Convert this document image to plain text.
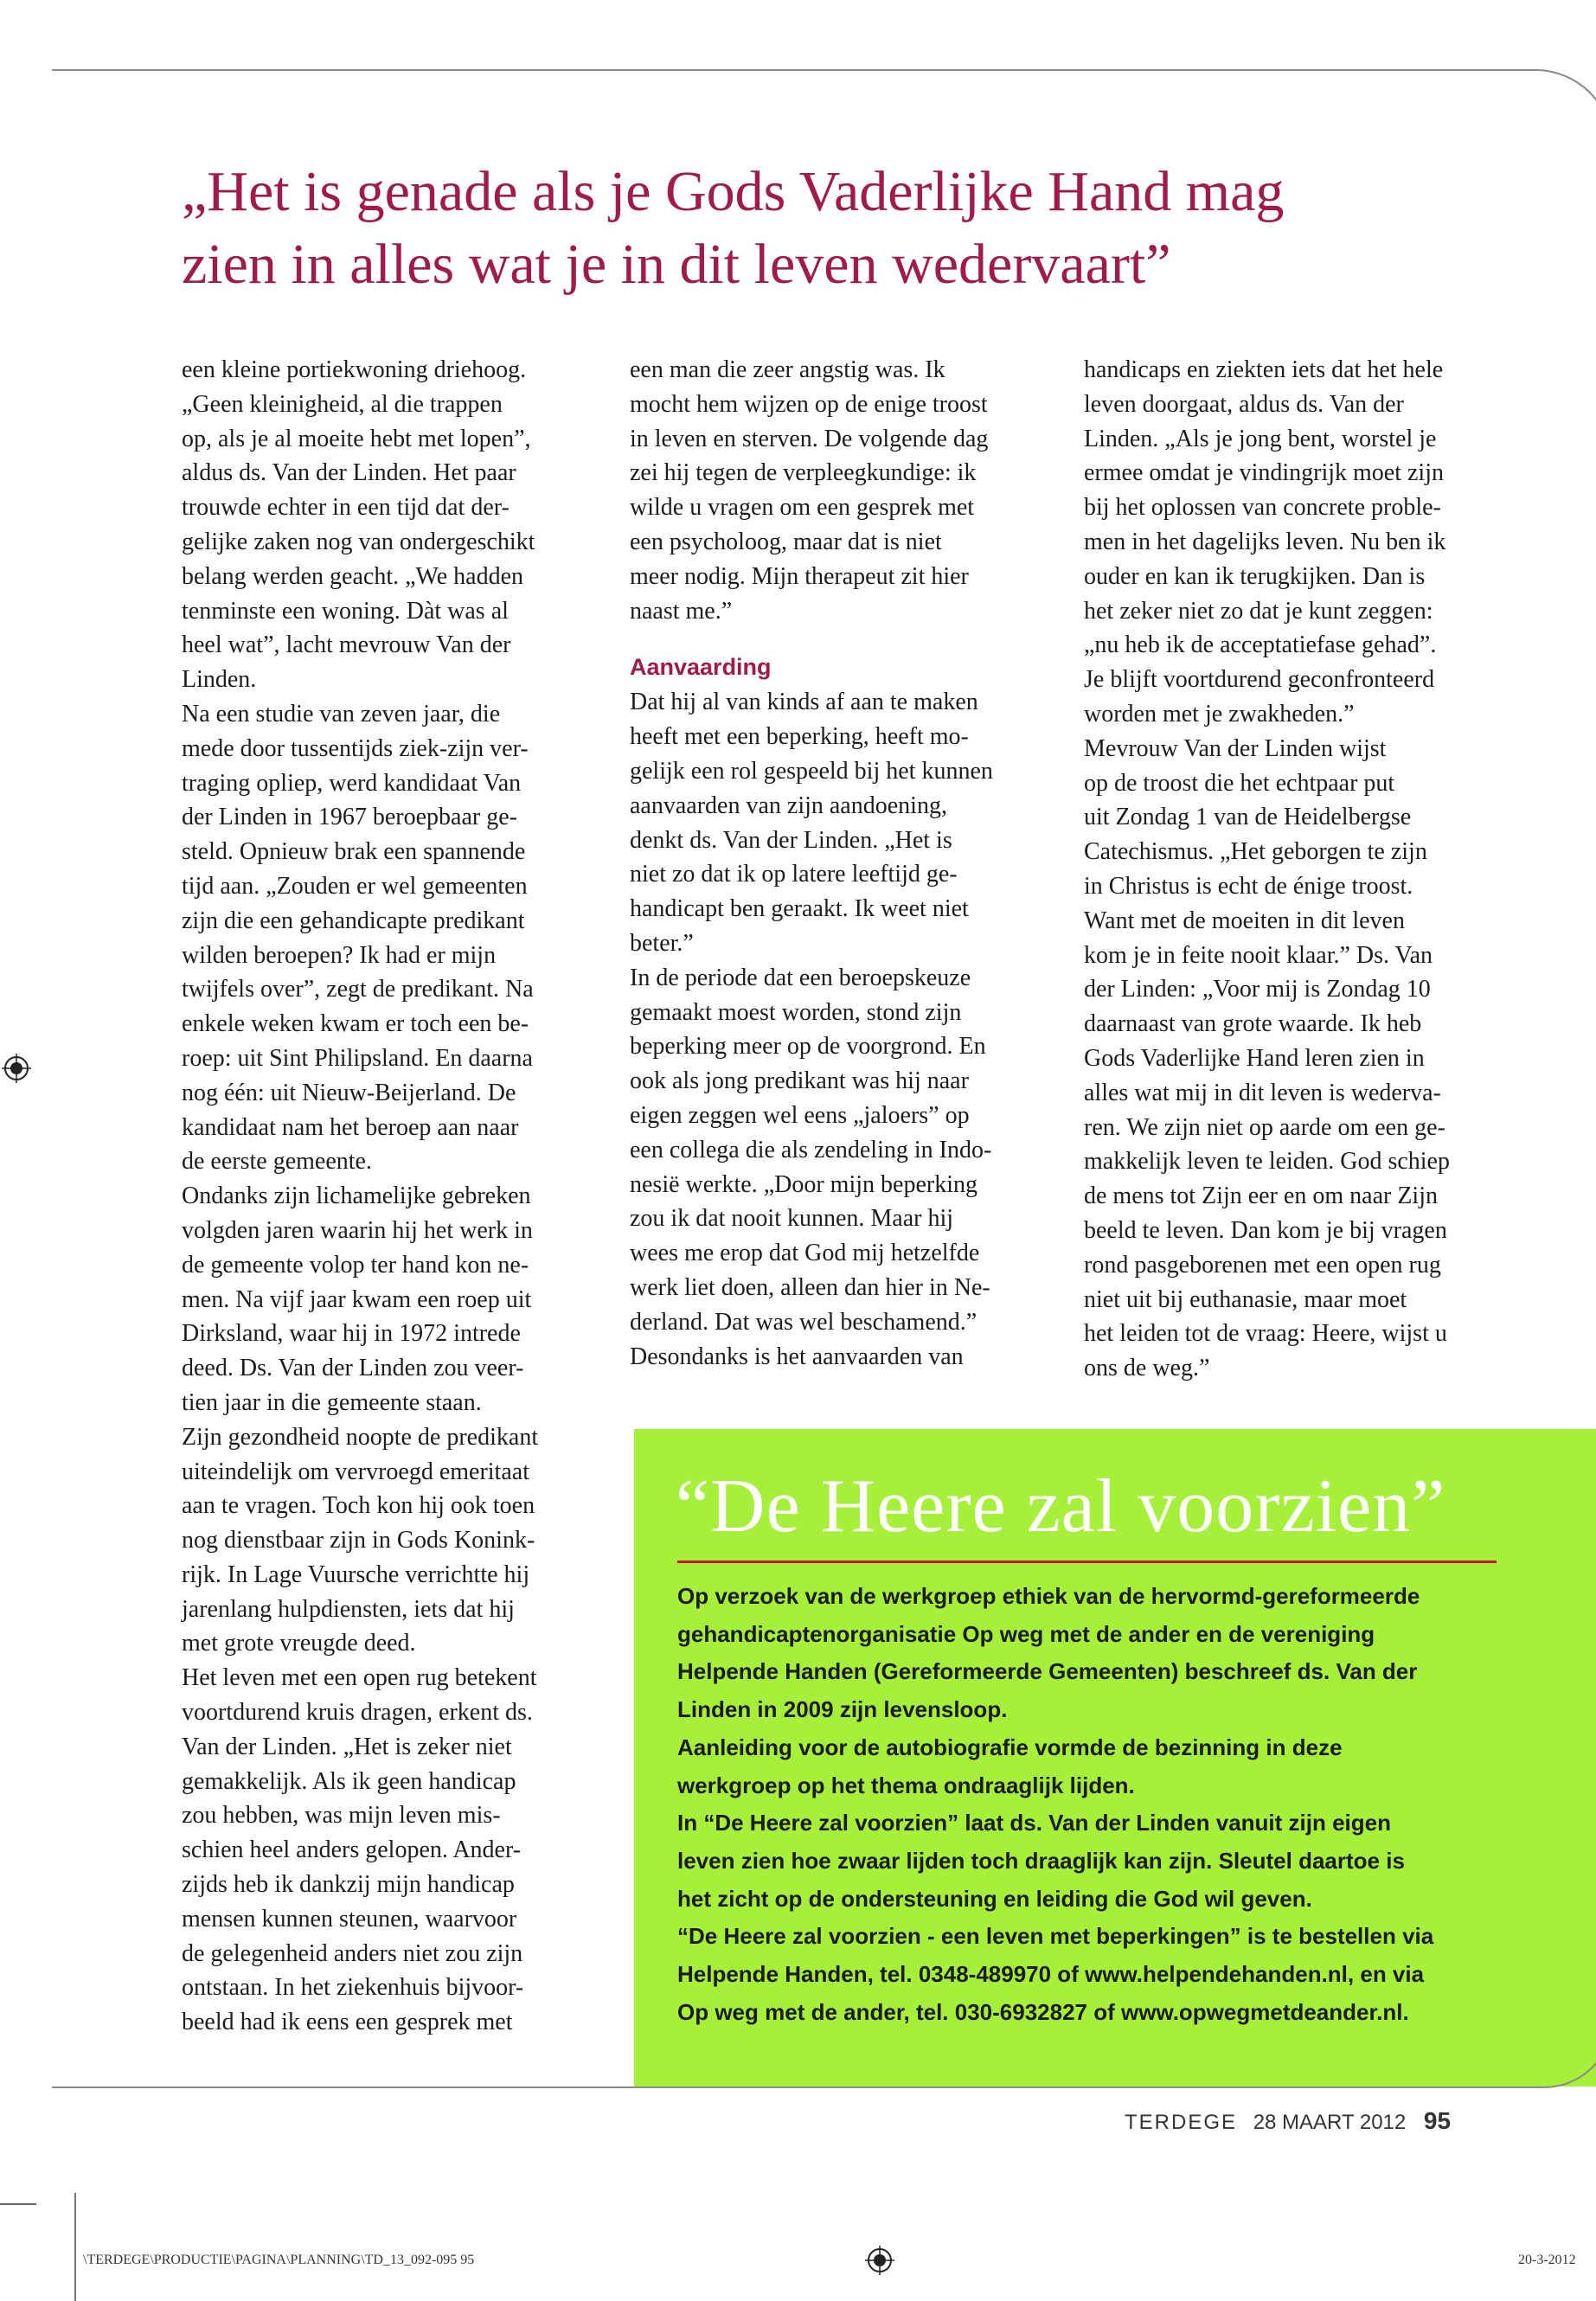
„Het is genade als je Gods Vaderlijke Hand mag
zien in alles wat je in dit leven wedervaart”

een kleine portiekwoning driehoog.
„Geen kleinigheid, al die trappen
op, als je al moeite hebt met lopen”,
aldus ds. Van der Linden. Het paar
trouwde echter in een tijd dat der-
gelijke zaken nog van ondergeschikt
belang werden geacht. „We hadden
tenminste een woning. Dàt was al
heel wat”, lacht mevrouw Van der
Linden.

Na een studie van zeven jaar, die
mede door tussentijds ziek-zijn ver-
traging opliep, werd kandidaat Van
der Linden in 1967 beroepbaar ge-
steld. Opnieuw brak een spannende
tijd aan. „Zouden er wel gemeenten
zijn die een gehandicapte predikant
wilden beroepen? Ik had er mijn
twijfels over”, zegt de predikant. Na
enkele weken kwam er toch een be-
roep: uit Sint Philipsland. En daarna
nog één: uit Nieuw-Beijerland. De
kandidaat nam het beroep aan naar
de eerste gemeente.

Ondanks zijn lichamelijke gebreken
volgden jaren waarin hij het werk in
de gemeente volop ter hand kon ne-
men. Na vijf jaar kwam een roep uit
Dirksland, waar hij in 1972 intrede
deed. Ds. Van der Linden zou veer-
tien jaar in die gemeente staan.
Zijn gezondheid noopte de predikant
uiteindelijk om vervroegd emeritaat
aan te vragen. Toch kon hij ook toen
nog dienstbaar zijn in Gods Konink-
rijk. In Lage Vuursche verrichtte hij
jarenlang hulpdiensten, iets dat hij
met grote vreugde deed.

Het leven met een open rug betekent
voortdurend kruis dragen, erkent ds.
Van der Linden. „Het is zeker niet
gemakkelijk. Als ik geen handicap
zou hebben, was mijn leven mis-
schien heel anders gelopen. Ander-
zijds heb ik dankzij mijn handicap
mensen kunnen steunen, waarvoor
de gelegenheid anders niet zou zijn
ontstaan. In het ziekenhuis bijvoor-
beeld had ik eens een gesprek met

een man die zeer angstig was. Ik
mocht hem wijzen op de enige troost
in leven en sterven. De volgende dag
zei hij tegen de verpleegkundige: ik
wilde u vragen om een gesprek met
een psycholoog, maar dat is niet
meer nodig. Mijn therapeut zit hier
naast me.”

Aanvaarding

Dat hij al van kinds af aan te maken
heeft met een beperking, heeft mo-
gelijk een rol gespeeld bij het kunnen
aanvaarden van zijn aandoening,
denkt ds. Van der Linden. „Het is
niet zo dat ik op latere leeftijd ge-
handicapt ben geraakt. Ik weet niet
beter.”

In de periode dat een beroepskeuze
gemaakt moest worden, stond zijn
beperking meer op de voorgrond. En
ook als jong predikant was hij naar
eigen zeggen wel eens „jaloers” op
een collega die als zendeling in Indo-
nesië werkte. „Door mijn beperking
zou ik dat nooit kunnen. Maar hij
wees me erop dat God mij hetzelfde
werk liet doen, alleen dan hier in Ne-
derland. Dat was wel beschamend.”
Desondanks is het aanvaarden van

handicaps en ziekten iets dat het hele
leven doorgaat, aldus ds. Van der
Linden. „Als je jong bent, worstel je
ermee omdat je vindingrijk moet zijn
bij het oplossen van concrete proble-
men in het dagelijks leven. Nu ben ik
ouder en kan ik terugkijken. Dan is
het zeker niet zo dat je kunt zeggen:
„nu heb ik de acceptatiefase gehad”.
Je blijft voortdurend geconfronteerd
worden met je zwakheden.”

Mevrouw Van der Linden wijst
op de troost die het echtpaar put
uit Zondag 1 van de Heidelbergse
Catechismus. „Het geborgen te zijn
in Christus is echt de énige troost.
Want met de moeiten in dit leven
kom je in feite nooit klaar.” Ds. Van
der Linden: „Voor mij is Zondag 10
daarnaast van grote waarde. Ik heb
Gods Vaderlijke Hand leren zien in
alles wat mij in dit leven is wederva-
ren. We zijn niet op aarde om een ge-
makkelijk leven te leiden. God schiep
de mens tot Zijn eer en om naar Zijn
beeld te leven. Dan kom je bij vragen
rond pasgeborenen met een open rug
niet uit bij euthanasie, maar moet
het leiden tot de vraag: Heere, wijst u
ons de weg.”

“De Heere zal voorzien”

Op verzoek van de werkgroep ethiek van de hervormd-gereformeerde
gehandicaptenorganisatie Op weg met de ander en de vereniging
Helpende Handen (Gereformeerde Gemeenten) beschreef ds. Van der
Linden in 2009 zijn levensloop.

Aanleiding voor de autobiografie vormde de bezinning in deze
werkgroep op het thema ondraaglijk lijden.

In “De Heere zal voorzien” laat ds. Van der Linden vanuit zijn eigen
leven zien hoe zwaar lijden toch draaglijk kan zijn. Sleutel daartoe is
het zicht op de ondersteuning en leiding die God wil geven.

“De Heere zal voorzien - een leven met beperkingen” is te bestellen via
Helpende Handen, tel. 0348-489970 of www.helpendehanden.nl, en via
Op weg met de ander, tel. 030-6932827 of www.opwegmetdeander.nl.

TERDEGE 28 MAART 2012 95
\TERDEGE\PRODUCTIE\PAGINA\PLANNING\TD_13_092-095 95	20-3-2012
